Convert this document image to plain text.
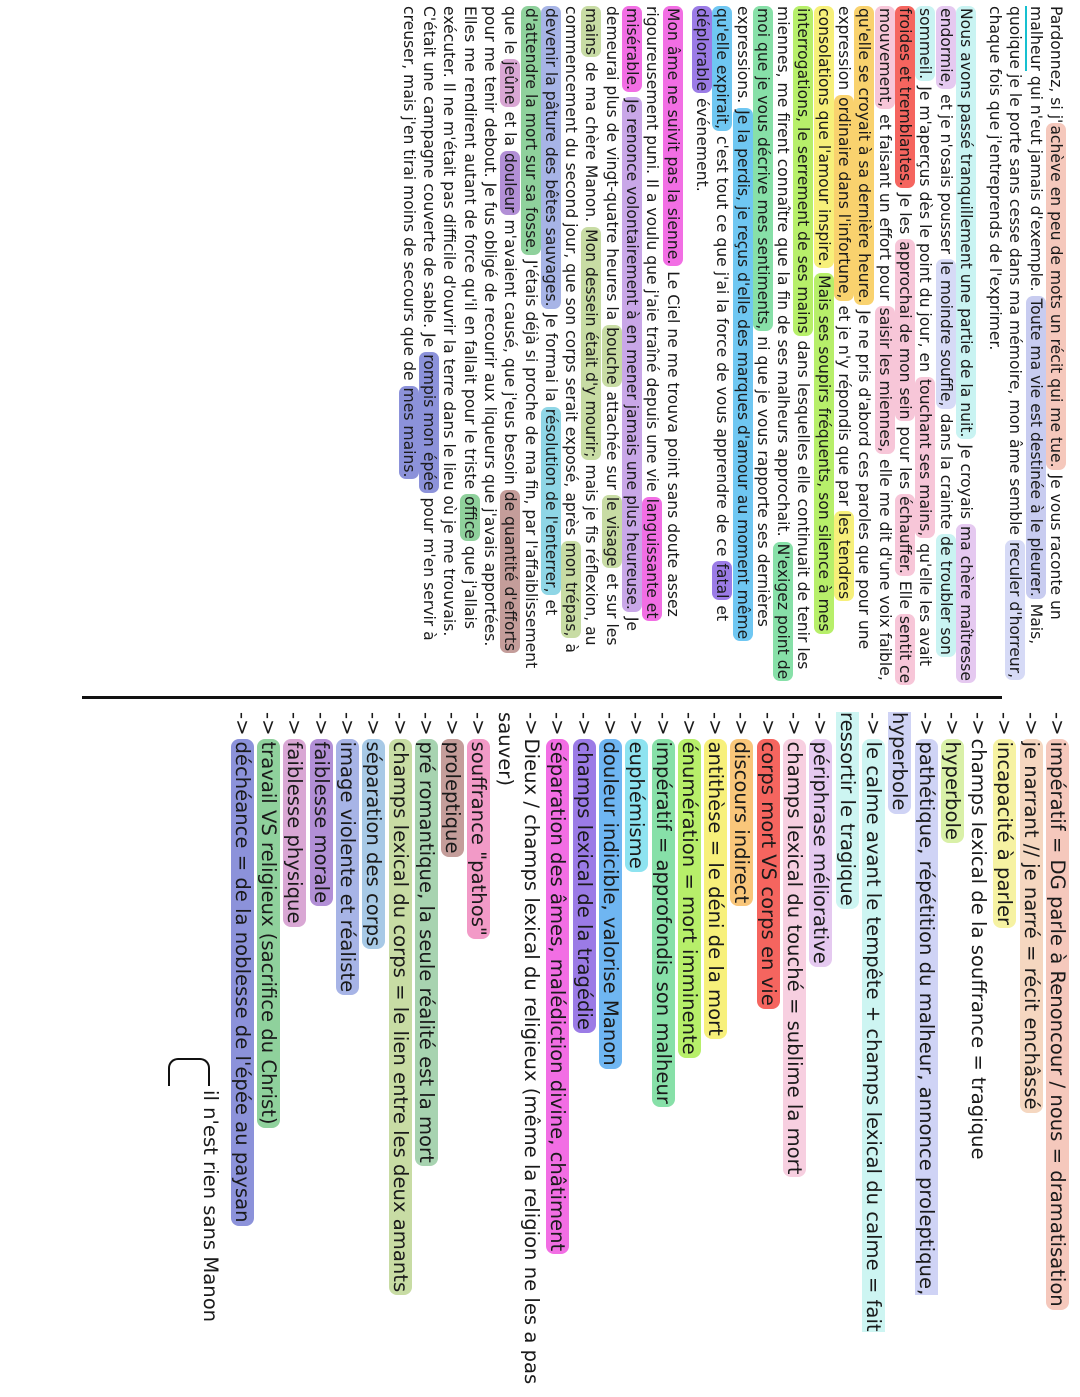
Pardonnez, si j'achève en peu de mots un récit qui me tue. Je vous raconte un malheur qui n'eut jamais d'exemple. Toute ma vie est destinée à le pleurer. Mais, quoique je le porte sans cesse dans ma mémoire, mon âme semble reculer d'horreur, chaque fois que j'entreprends de l'exprimer.

Nous avons passé tranquillement une partie de la nuit. Je croyais ma chère maîtresse endormie, et je n'osais pousser le moindre souffle, dans la crainte de troubler son sommeil. Je m'aperçus dès le point du jour, en touchant ses mains, qu'elle les avait froides et tremblantes. Je les approchai de mon sein pour les échauffer. Elle sentit ce mouvement, et faisant un effort pour saisir les miennes, elle me dit d'une voix faible, qu'elle se croyait à sa dernière heure. Je ne pris d'abord ces paroles que pour une expression ordinaire dans l'infortune, et je n'y répondis que par les tendres consolations que l'amour inspire. Mais ses soupirs fréquents, son silence à mes interrogations, le serrement de ses mains dans lesquelles elle continuait de tenir les miennes, me firent connaître que la fin de ses malheurs approchait. N'exigez point de moi que je vous décrive mes sentiments, ni que je vous rapporte ses dernières expressions. Je la perdis, je reçus d'elle des marques d'amour au moment même qu'elle expirait, c'est tout ce que j'ai la force de vous apprendre de ce fatal et déplorable événement.

Mon âme ne suivit pas la sienne. Le Ciel ne me trouva point sans doute assez rigoureusement puni. Il a voulu que j'aie traîné depuis une vie languissante et misérable. Je renonce volontairement à en mener jamais une plus heureuse. Je demeurai plus de vingt-quatre heures la bouche attachée sur le visage et sur les mains de ma chère Manon. Mon dessein était d'y mourir; mais je fis réflexion, au commencement du second jour, que son corps serait exposé, après mon trépas, à devenir la pâture des bêtes sauvages. Je formai la résolution de l'enterrer, et d'attendre la mort sur sa fosse. J'étais déjà si proche de ma fin, par l'affaiblissement que le jeûne et la douleur m'avaient causé, que j'eus besoin de quantité d'efforts pour me tenir debout. Je fus obligé de recourir aux liqueurs que j'avais apportées. Elles me rendirent autant de force qu'il en fallait pour le triste office que j'allais exécuter. Il ne m'était pas difficile d'ouvrir la terre dans le lieu où je me trouvais. C'était une campagne couverte de sable. Je rompis mon épée pour m'en servir à creuser, mais j'en tirai moins de secours que de mes mains.

->impératif = DG parle à Renoncour / nous = dramatisation
->je narrant // je narré = récit enchâssé
->incapacité à parler
->champs lexical de la souffrance = tragique
->hyperbole
->pathétique, répétition du malheur, annonce proleptique, hyperbole
->le calme avant le tempête + champs lexical du calme = fait ressortir le tragique
->périphrase méliorative
->champs lexical du touché = sublime la mort
->corps mort VS corps en vie
->discours indirect
->antithèse = le déni de la mort
->énumération = mort imminente
->impératif = approfondis son malheur
->euphémisme
->douleur indicible, valorise Manon
->champs lexical de la tragédie
->séparation des âmes, malédiction divine, châtiment
->Dieux / champs lexical du religieux (même la religion ne les a pas sauver)
->souffrance "pathos"
->proleptique
->pré romantique, la seule réalité est la mort
->champs lexical du corps = le lien entre les deux amants
->séparation des corps
->image violente et réaliste
->faiblesse morale
->faiblesse physique
->travail VS religieux (sacrifice du Christ)
->déchéance = de la noblesse de l'épée au paysan
il n'est rien sans Manon
